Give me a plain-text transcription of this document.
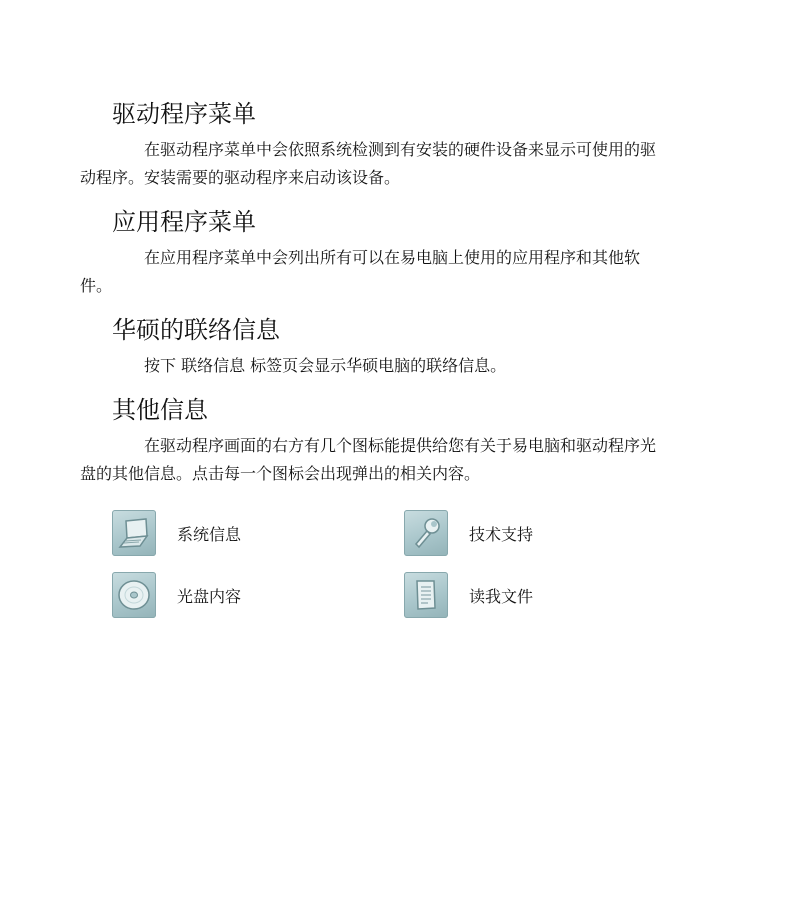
驱动程序菜单

在驱动程序菜单中会依照系统检测到有安装的硬件设备来显示可使用的驱
动程序。安装需要的驱动程序来启动该设备。

应用程序菜单

在应用程序菜单中会列出所有可以在易电脑上使用的应用程序和其他软
件。

华硕的联络信息

按下 联络信息 标签页会显示华硕电脑的联络信息。

其他信息

在驱动程序画面的右方有几个图标能提供给您有关于易电脑和驱动程序光
盘的其他信息。点击每一个图标会出现弹出的相关内容。

系统信息	技术支持
光盘内容	读我文件
